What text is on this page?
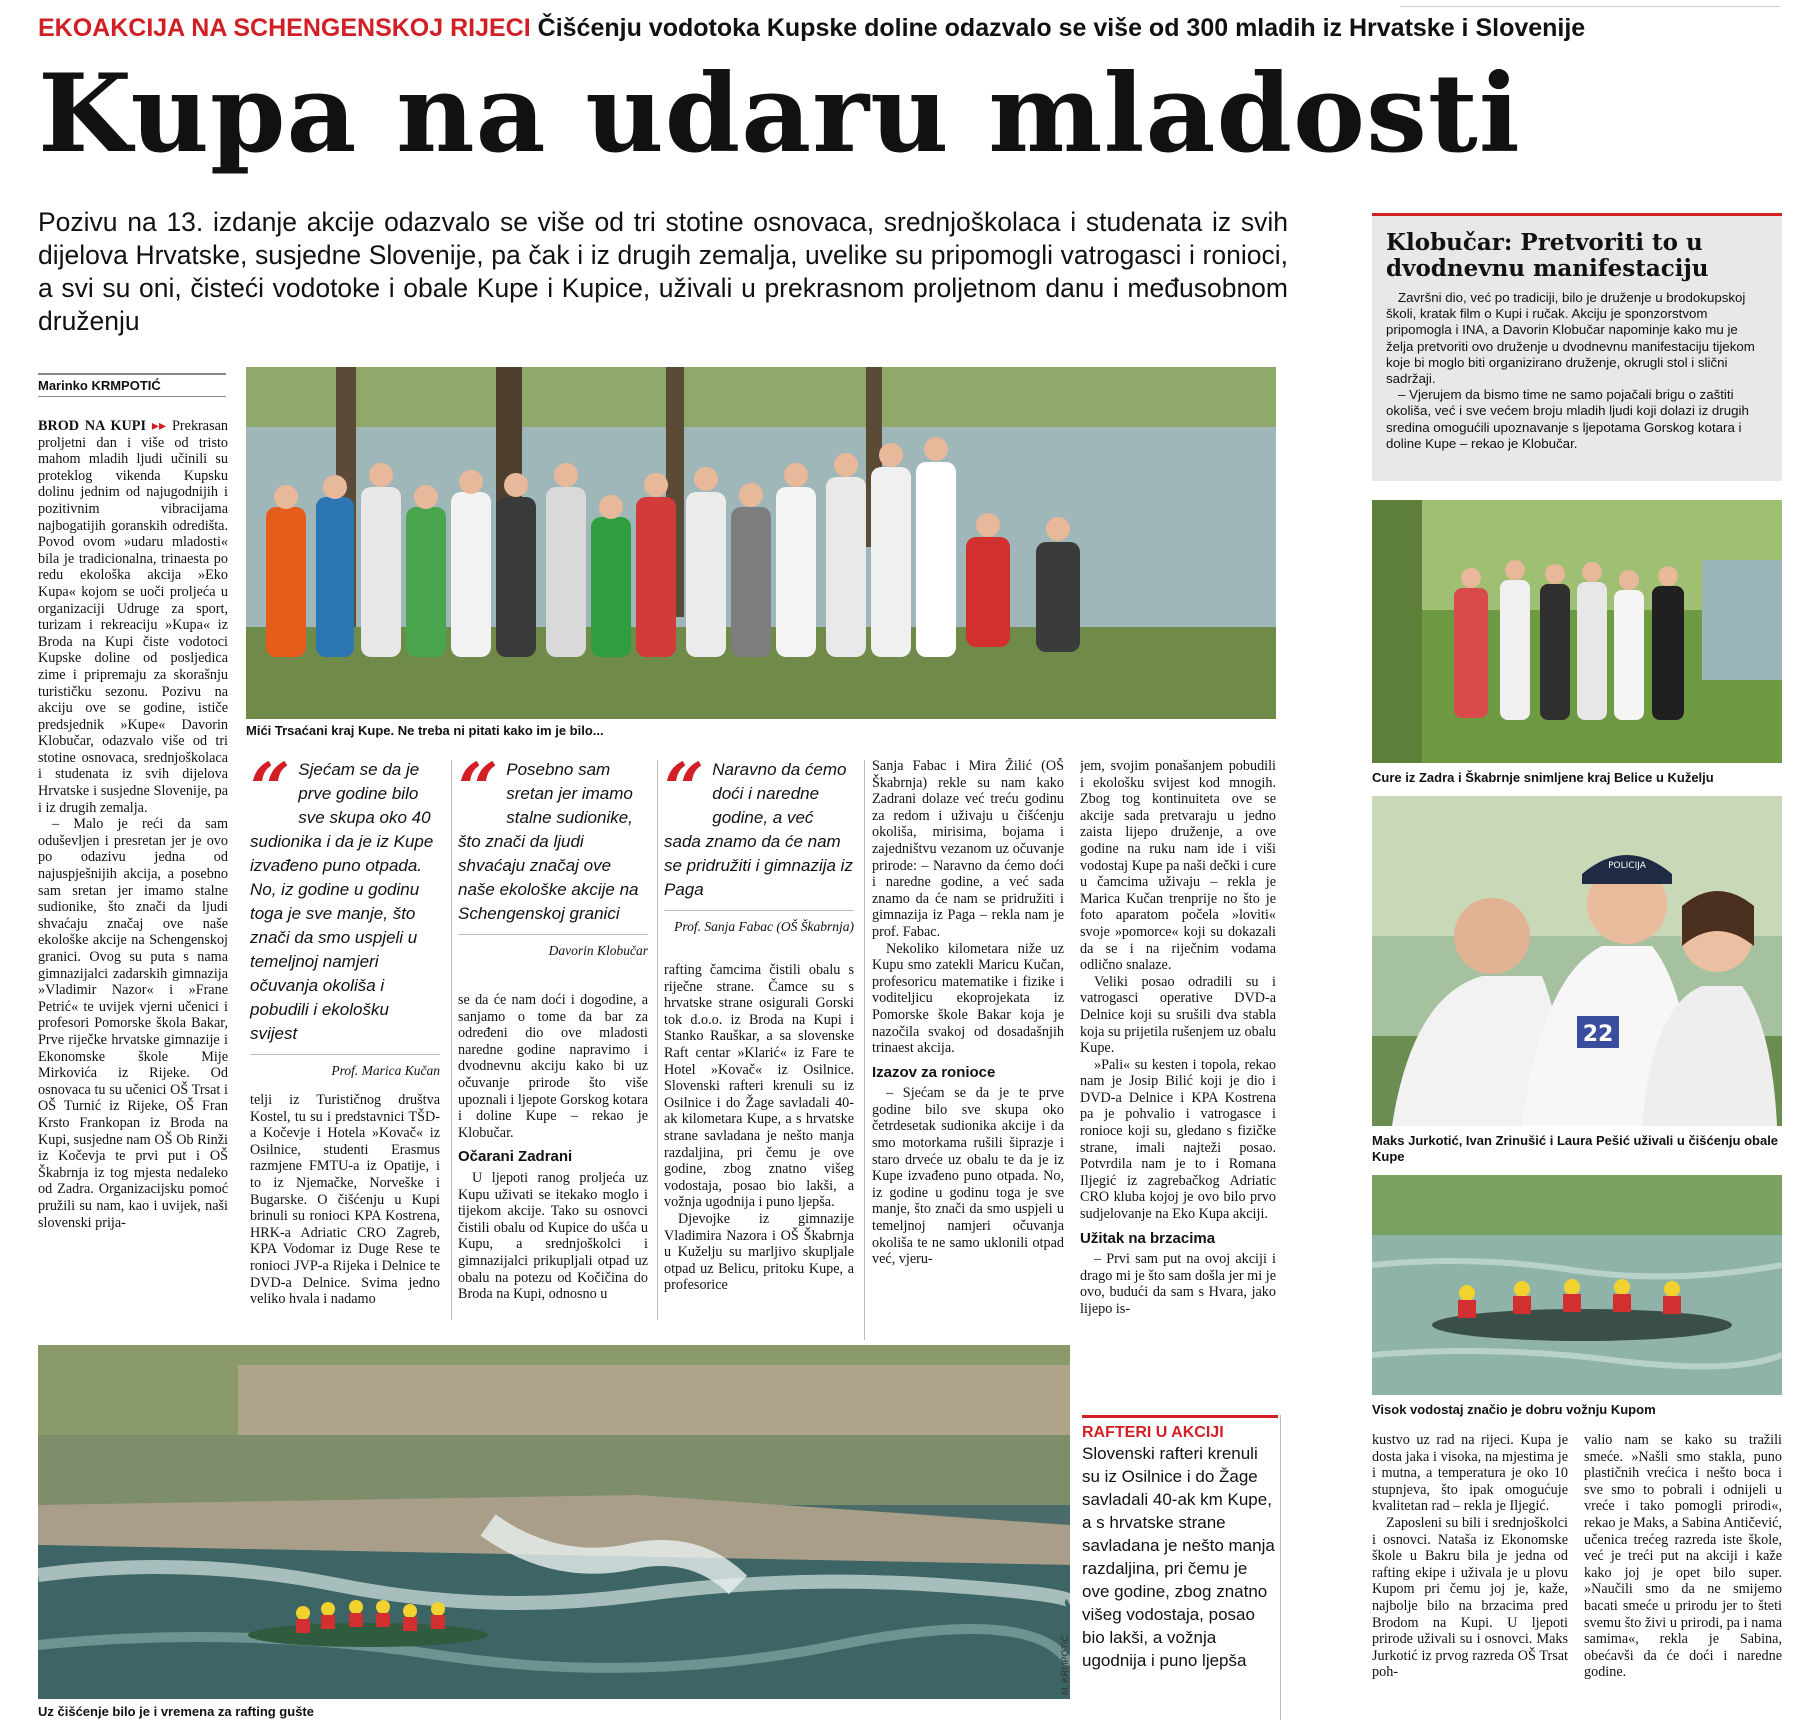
EKOAKCIJA NA SCHENGENSKOJ RIJECI Čišćenju vodotoka Kupske doline odazvalo se više od 300 mladih iz Hrvatske i Slovenije
Kupa na udaru mladosti
Pozivu na 13. izdanje akcije odazvalo se više od tri stotine osnovaca, srednjoškolaca i studenata iz svih dijelova Hrvatske, susjedne Slovenije, pa čak i iz drugih zemalja, uvelike su pripomogli vatrogasci i ronioci, a svi su oni, čisteći vodotoke i obale Kupe i Kupice, uživali u prekrasnom proljetnom danu i međusobnom druženju
Marinko KRMPOTIĆ

BROD NA KUPI ▸▸ Prekrasan proljetni dan i više od tristo mahom mladih ljudi učinili su proteklog vikenda Kupsku dolinu jednim od najugodnijih i pozitivnim vibracijama najbogatijih goranskih odredišta. Povod ovom »udaru mladosti« bila je tradicionalna, trinaesta po redu ekološka akcija »Eko Kupa« kojom se uoči proljeća u organizaciji Udruge za sport, turizam i rekreaciju »Kupa« iz Broda na Kupi čiste vodotoci Kupske doline od posljedica zime i pripremaju za skorašnju turističku sezonu. Pozivu na akciju ove se godine, ističe predsjednik »Kupe« Davorin Klobučar, odazvalo više od tri stotine osnovaca, srednjoškolaca i studenata iz svih dijelova Hrvatske i susjedne Slovenije, pa i iz drugih zemalja.

– Malo je reći da sam oduševljen i presretan jer je ovo po odazivu jedna od najuspješnijih akcija, a posebno sam sretan jer imamo stalne sudionike, što znači da ljudi shvaćaju značaj ove naše ekološke akcije na Schengenskoj granici. Ovog su puta s nama gimnazijalci zadarskih gimnazija »Vladimir Nazor« i »Frane Petrić« te uvijek vjerni učenici i profesori Pomorske škola Bakar, Prve riječke hrvatske gimnazije i Ekonomske škole Mije Mirkovića iz Rijeke. Od osnovaca tu su učenici OŠ Trsat i OŠ Turnić iz Rijeke, OŠ Fran Krsto Frankopan iz Broda na Kupi, susjedne nam OŠ Ob Rinži iz Kočevja te prvi put i OŠ Škabrnja iz tog mjesta nedaleko od Zadra. Organizacijsku pomoć pružili su nam, kao i uvijek, naši slovenski prija-

Mići Trsaćani kraj Kupe. Ne treba ni pitati kako im je bilo...
“ Sjećam se da je prve godine bilo sve skupa oko 40 sudionika i da je iz Kupe izvađeno puno otpada. No, iz godine u godinu toga je sve manje, što znači da smo uspjeli u temeljnoj namjeri očuvanja okoliša i pobudili i ekološku svijest
Prof. Marica Kučan
“ Posebno sam sretan jer imamo stalne sudionike, što znači da ljudi shvaćaju značaj ove naše ekološke akcije na Schengenskoj granici
Davorin Klobučar
“ Naravno da ćemo doći i naredne godine, a već sada znamo da će nam se pridružiti i gimnazija iz Paga
Prof. Sanja Fabac (OŠ Škabrnja)

telji iz Turističnog društva Kostel, tu su i predstavnici TŠD-a Kočevje i Hotela »Kovač« iz Osilnice, studenti Erasmus razmjene FMTU-a iz Opatije, i to iz Njemačke, Norveške i Bugarske. O čišćenju u Kupi brinuli su ronioci KPA Kostrena, HRK-a Adriatic CRO Zagreb, KPA Vodomar iz Duge Rese te ronioci JVP-a Rijeka i Delnice te DVD-a Delnice. Svima jedno veliko hvala i nadamo

se da će nam doći i dogodine, a sanjamo o tome da bar za određeni dio ove mladosti naredne godine napravimo i dvodnevnu akciju kako bi uz očuvanje prirode što više upoznali i ljepote Gorskog kotara i doline Kupe – rekao je Klobučar.

Očarani Zadrani

U ljepoti ranog proljeća uz Kupu uživati se itekako moglo i tijekom akcije. Tako su osnovci čistili obalu od Kupice do ušća u Kupu, a srednjoškolci i gimnazijalci prikupljali otpad uz obalu na potezu od Kočičina do Broda na Kupi, odnosno u

rafting čamcima čistili obalu s riječne strane. Čamce su s hrvatske strane osigurali Gorski tok d.o.o. iz Broda na Kupi i Stanko Rauškar, a sa slovenske Raft centar »Klarić« iz Fare te Hotel »Kovač« iz Osilnice. Slovenski rafteri krenuli su iz Osilnice i do Žage savladali 40-ak kilometara Kupe, a s hrvatske strane savladana je nešto manja razdaljina, pri čemu je ove godine, zbog znatno višeg vodostaja, posao bio lakši, a vožnja ugodnija i puno ljepša.

Djevojke iz gimnazije Vladimira Nazora i OŠ Škabrnja u Kuželju su marljivo skupljale otpad uz Belicu, pritoku Kupe, a profesorice

Sanja Fabac i Mira Žilić (OŠ Škabrnja) rekle su nam kako Zadrani dolaze već treću godinu za redom i uživaju u čišćenju okoliša, mirisima, bojama i zajedništvu vezanom uz očuvanje prirode: – Naravno da ćemo doći i naredne godine, a već sada znamo da će nam se pridružiti i gimnazija iz Paga – rekla nam je prof. Fabac.

Nekoliko kilometara niže uz Kupu smo zatekli Maricu Kučan, profesoricu matematike i fizike i voditeljicu ekoprojekata iz Pomorske škole Bakar koja je nazočila svakoj od dosadašnjih trinaest akcija.

Izazov za ronioce

– Sjećam se da je te prve godine bilo sve skupa oko četrdesetak sudionika akcije i da smo motorkama rušili šiprazje i staro drveće uz obalu te da je iz Kupe izvađeno puno otpada. No, iz godine u godinu toga je sve manje, što znači da smo uspjeli u temeljnoj namjeri očuvanja okoliša te ne samo uklonili otpad već, vjeru-

jem, svojim ponašanjem pobudili i ekološku svijest kod mnogih. Zbog tog kontinuiteta ove se akcije sada pretvaraju u jedno zaista lijepo druženje, a ove godine na ruku nam ide i viši vodostaj Kupe pa naši dečki i cure u čamcima uživaju – rekla je Marica Kučan trenprije no što je foto aparatom počela »loviti« svoje »pomorce« koji su dokazali da se i na riječnim vodama odlično snalaze.

Veliki posao odradili su i vatrogasci operative DVD-a Delnice koji su srušili dva stabla koja su prijetila rušenjem uz obalu Kupe.

»Pali« su kesten i topola, rekao nam je Josip Bilić koji je dio i DVD-a Delnice i KPA Kostrena pa je pohvalio i vatrogasce i ronioce koji su, gledano s fizičke strane, imali najteži posao. Potvrdila nam je to i Romana Iljegić iz zagrebačkog Adriatic CRO kluba kojoj je ovo bilo prvo sudjelovanje na Eko Kupa akciji.

Užitak na brzacima

– Prvi sam put na ovoj akciji i drago mi je što sam došla jer mi je ovo, budući da sam s Hvara, jako lijepo is-

M. KRMPOTIĆ
Uz čišćenje bilo je i vremena za rafting gušte
RAFTERI U AKCIJI
Slovenski rafteri krenuli su iz Osilnice i do Žage savladali 40-ak km Kupe, a s hrvatske strane savladana je nešto manja razdaljina, pri čemu je ove godine, zbog znatno višeg vodostaja, posao bio lakši, a vožnja ugodnija i puno ljepša
Klobučar: Pretvoriti to u dvodnevnu manifestaciju

Završni dio, već po tradiciji, bilo je druženje u brodokupskoj školi, kratak film o Kupi i ručak. Akciju je sponzorstvom pripomogla i INA, a Davorin Klobučar napominje kako mu je želja pretvoriti ovo druženje u dvodnevnu manifestaciju tijekom koje bi moglo biti organizirano druženje, okrugli stol i slični sadržaji.

– Vjerujem da bismo time ne samo pojačali brigu o zaštiti okoliša, već i sve većem broju mladih ljudi koji dolazi iz drugih sredina omogućili upoznavanje s ljepotama Gorskog kotara i doline Kupe – rekao je Klobučar.

Cure iz Zadra i Škabrnje snimljene kraj Belice u Kuželju
22
POLICIJA
Maks Jurkotić, Ivan Zrinušić i Laura Pešić uživali u čišćenju obale Kupe
Visok vodostaj značio je dobru vožnju Kupom

kustvo uz rad na rijeci. Kupa je dosta jaka i visoka, na mjestima je i mutna, a temperatura je oko 10 stupnjeva, što ipak omogućuje kvalitetan rad – rekla je Iljegić.

Zaposleni su bili i srednjoškolci i osnovci. Nataša iz Ekonomske škole u Bakru bila je jedna od rafting ekipe i uživala je u plovu Kupom pri čemu joj je, kaže, najbolje bilo na brzacima pred Brodom na Kupi. U ljepoti prirode uživali su i osnovci. Maks Jurkotić iz prvog razreda OŠ Trsat poh-

valio nam se kako su tražili smeće. »Našli smo stakla, puno plastičnih vrećica i nešto boca i sve smo to pobrali i odnijeli u vreće i tako pomogli prirodi«, rekao je Maks, a Sabina Antičević, učenica trećeg razreda iste škole, već je treći put na akciji i kaže kako joj je opet bilo super. »Naučili smo da ne smijemo bacati smeće u prirodu jer to šteti svemu što živi u prirodi, pa i nama samima«, rekla je Sabina, obećavši da će doći i naredne godine.
